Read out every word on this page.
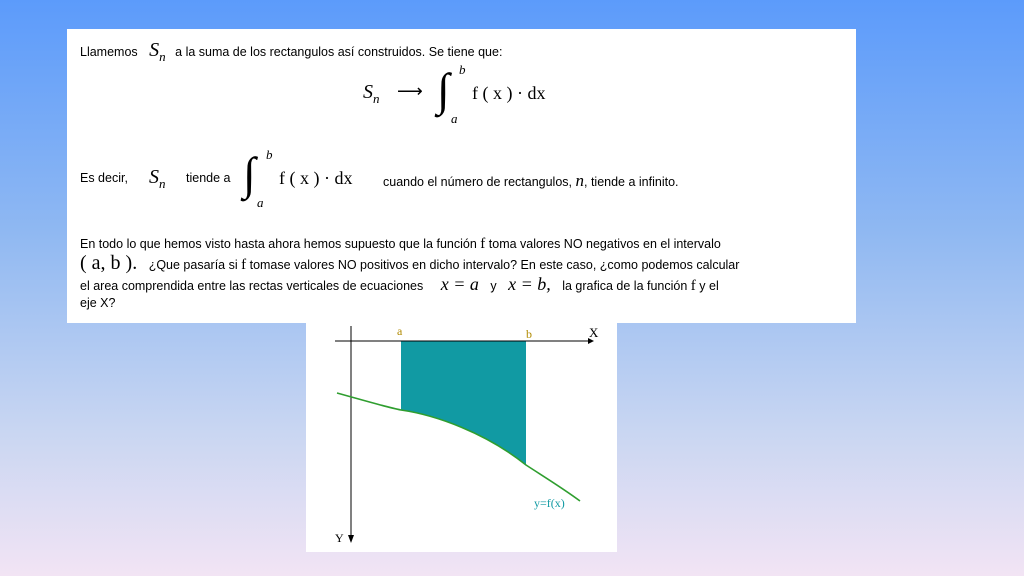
Llamemos $S_n$ a la suma de los rectangulos así construidos. Se tiene que:
$S_n$ ⟶ ∫ b
a
f ( x ) · dx
Es decir, $S_n$ tiende a ∫ b
a
f ( x ) · dx cuando el número de rectangulos, n, tiende a infinito.
En todo lo que hemos visto hasta ahora hemos supuesto que la función f toma valores NO negativos en el intervalo
( a, b ). ¿Que pasaría si f tomase valores NO positivos en dicho intervalo? En este caso, ¿como podemos calcular
el area comprendida entre las rectas verticales de ecuaciones x = a y x = b, la grafica de la función f y el
eje X?
a	b	X
Y
y=f(x)
